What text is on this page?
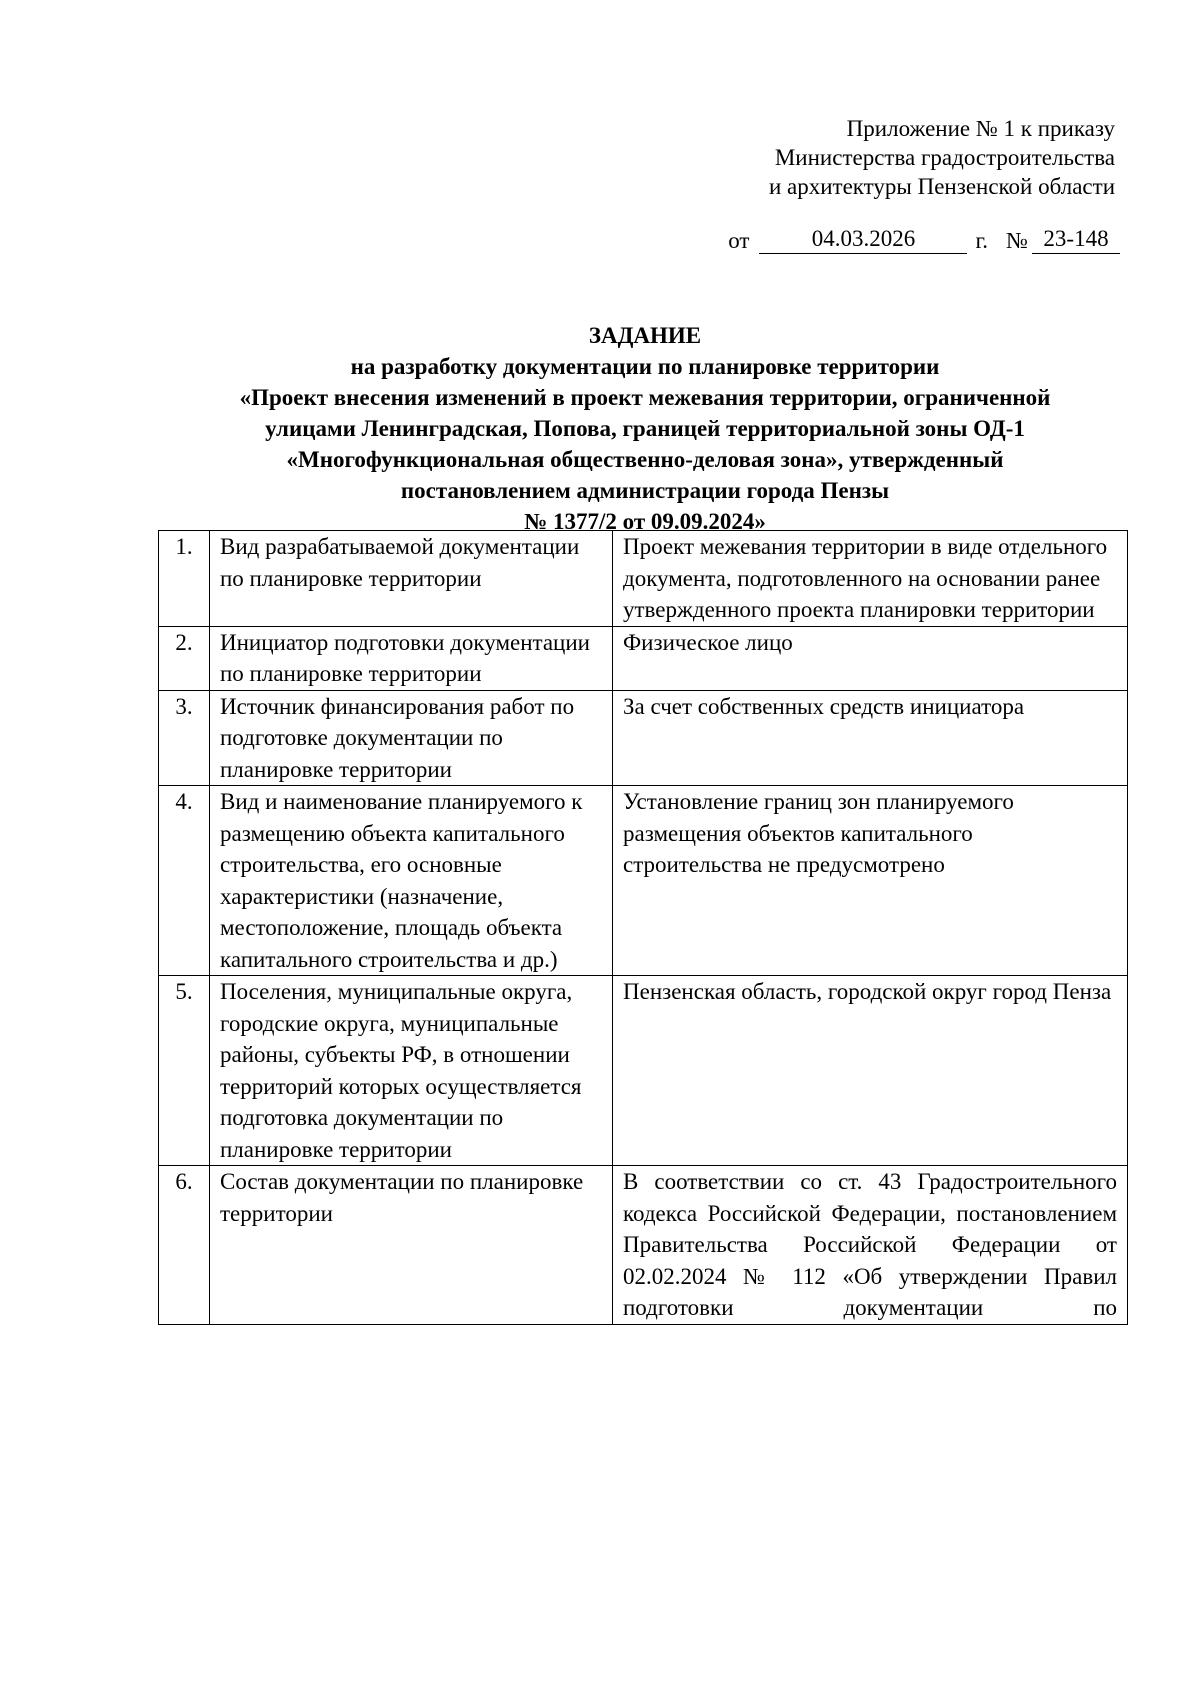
Приложение № 1 к приказу
Министерства градостроительства
и архитектуры Пензенской области
от	04.03.2026	г. № 23-148
ЗАДАНИЕ
на разработку документации по планировке территории
«Проект внесения изменений в проект межевания территории, ограниченной
улицами Ленинградская, Попова, границей территориальной зоны ОД-1
«Многофункциональная общественно-деловая зона», утвержденный
постановлением администрации города Пензы
№ 1377/2 от 09.09.2024»
1.	Вид разрабатываемой документации по планировке территории	Проект межевания территории в виде отдельного документа, подготовленного на основании ранее утвержденного проекта планировки территории
2.	Инициатор подготовки документации по планировке территории	Физическое лицо
3.	Источник финансирования работ по подготовке документации по планировке территории	За счет собственных средств инициатора
4.	Вид и наименование планируемого к размещению объекта капитального строительства, его основные характеристики (назначение, местоположение, площадь объекта капитального строительства и др.)	Установление границ зон планируемого размещения объектов капитального строительства не предусмотрено
5.	Поселения, муниципальные округа, городские округа, муниципальные районы, субъекты РФ, в отношении территорий которых осуществляется подготовка документации по планировке территории	Пензенская область, городской округ город Пенза
6.	Состав документации по планировке территории	В соответствии со ст. 43 Градостроительного кодекса Российской Федерации, постановлением Правительства Российской Федерации от 02.02.2024 № 112 «Об утверждении Правил подготовки документации по
